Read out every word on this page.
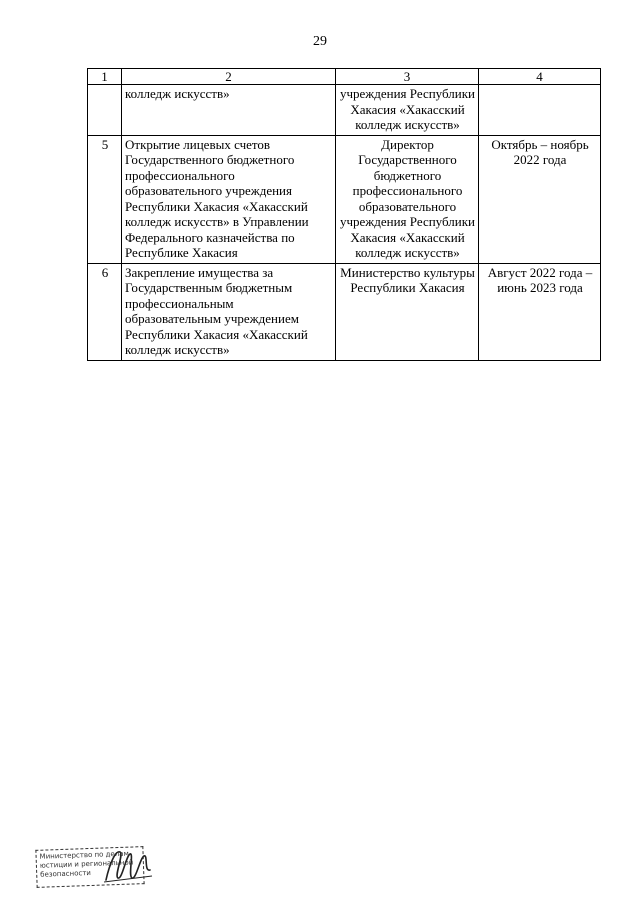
29
1	2	3	4
	колледж искусств»	учреждения Республики Хакасия «Хакасский колледж искусств»	
5	Открытие лицевых счетов Государственного бюджетного профессионального образовательного учреждения Республики Хакасия «Хакасский колледж искусств» в Управлении Федерального казначейства по Республике Хакасия	Директор Государственного бюджетного профессионального образовательного учреждения Республики Хакасия «Хакасский колледж искусств»	Октябрь – ноябрь 2022 года
6	Закрепление имущества за Государственным бюджетным профессиональным образовательным учреждением Республики Хакасия «Хакасский колледж искусств»	Министерство культуры Республики Хакасия	Август 2022 года – июнь 2023 года
Министерство по делам юстиции и региональной безопасности
